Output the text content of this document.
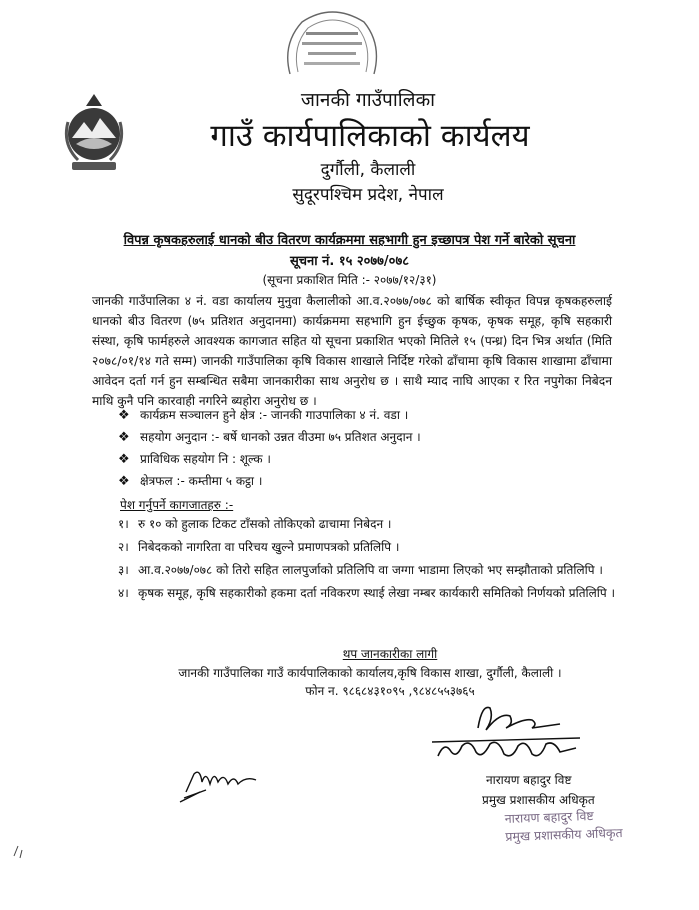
जानकी गाउँपालिका
गाउँ कार्यपालिकाको कार्यलय
दुर्गौली, कैलाली
सुदूरपश्चिम प्रदेश, नेपाल
विपन्न कृषकहरुलाई धानको बीउ वितरण कार्यक्रममा सहभागी हुन इच्छापत्र पेश गर्ने बारेको सूचना
सूचना नं. १५ २०७७/०७८
(सूचना प्रकाशित मिति :- २०७७/१२/३१)
जानकी गाउँपालिका ४ नं. वडा कार्यालय मुनुवा कैलालीको आ.व.२०७७/०७८ को बार्षिक स्वीकृत विपन्न कृषकहरुलाई धानको बीउ वितरण (७५ प्रतिशत अनुदानमा) कार्यक्रममा सहभागि हुन ईच्छुक कृषक, कृषक समूह, कृषि सहकारी संस्था, कृषि फार्महरुले आवश्यक कागजात सहित यो सूचना प्रकाशित भएको मितिले १५ (पन्ध्र) दिन भित्र अर्थात (मिति २०७८/०१/१४ गते सम्म) जानकी गाउँपालिका कृषि विकास शाखाले निर्दिष्ट गरेको ढाँचामा कृषि विकास शाखामा ढाँचामा आवेदन दर्ता गर्न हुन सम्बन्धित सबैमा जानकारीका साथ अनुरोध छ । साथै म्याद नाघि आएका र रित नपुगेका निबेदन माथि कुनै पनि कारवाही नगरिने ब्यहोरा अनुरोध छ ।
❖ कार्यक्रम सञ्चालन हुने क्षेत्र :- जानकी गाउपालिका ४ नं. वडा ।
❖ सहयोग अनुदान :- बर्षे धानको उन्नत वीउमा ७५ प्रतिशत अनुदान ।
❖ प्राविधिक सहयोग नि : शूल्क ।
❖ क्षेत्रफल :- कम्तीमा ५ कट्ठा ।
पेश गर्नुपर्ने कागजातहरु :-
१। रु १० को हुलाक टिकट टाँसको तोकिएको ढाचामा निबेदन ।
२। निबेदकको नागरिता वा परिचय खुल्ने प्रमाणपत्रको प्रतिलिपि ।
३। आ.व.२०७७/०७८ को तिरो सहित लालपुर्जाको प्रतिलिपि वा जग्गा भाडामा लिएको भए सम्झौताको प्रतिलिपि ।
४। कृषक समूह, कृषि सहकारीको हकमा दर्ता नविकरण स्थाई लेखा नम्बर कार्यकारी समितिको निर्णयको प्रतिलिपि ।
थप जानकारीका लागी
जानकी गाउँपालिका गाउँ कार्यपालिकाको कार्यालय,कृषि विकास शाखा, दुर्गौली, कैलाली ।
फोन न. ९८६८४३१०९५ ,९८४८५५३७६५
नारायण बहादुर विष्ट
प्रमुख प्रशासकीय अधिकृत
नारायण बहादुर विष्ट
प्रमुख प्रशासकीय अधिकृत
